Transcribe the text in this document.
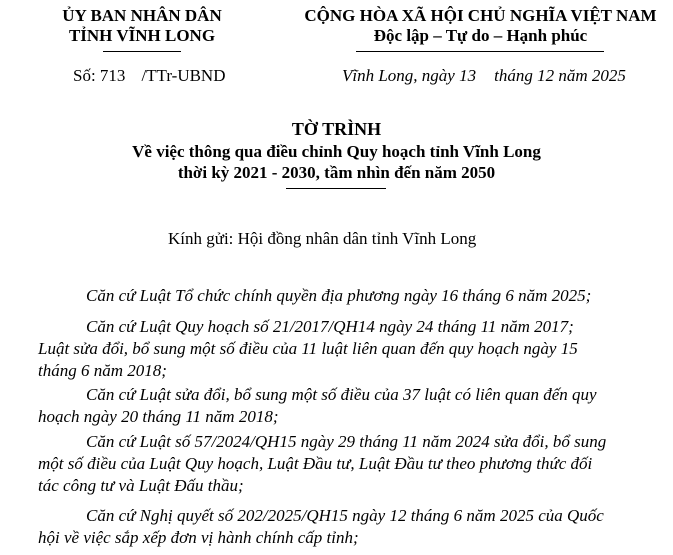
ỦY BAN NHÂN DÂN
TỈNH VĨNH LONG
CỘNG HÒA XÃ HỘI CHỦ NGHĨA VIỆT NAM
Độc lập – Tự do – Hạnh phúc
Số: 713 /TTr-UBND	Vĩnh Long, ngày 13 tháng 12 năm 2025
TỜ TRÌNH
Về việc thông qua điều chỉnh Quy hoạch tỉnh Vĩnh Long
thời kỳ 2021 - 2030, tầm nhìn đến năm 2050
Kính gửi: Hội đồng nhân dân tỉnh Vĩnh Long
Căn cứ Luật Tổ chức chính quyền địa phương ngày 16 tháng 6 năm 2025;
Căn cứ Luật Quy hoạch số 21/2017/QH14 ngày 24 tháng 11 năm 2017;
Luật sửa đổi, bổ sung một số điều của 11 luật liên quan đến quy hoạch ngày 15
tháng 6 năm 2018;
Căn cứ Luật sửa đổi, bổ sung một số điều của 37 luật có liên quan đến quy
hoạch ngày 20 tháng 11 năm 2018;
Căn cứ Luật số 57/2024/QH15 ngày 29 tháng 11 năm 2024 sửa đổi, bổ sung
một số điều của Luật Quy hoạch, Luật Đầu tư, Luật Đầu tư theo phương thức đối
tác công tư và Luật Đấu thầu;
Căn cứ Nghị quyết số 202/2025/QH15 ngày 12 tháng 6 năm 2025 của Quốc
hội về việc sắp xếp đơn vị hành chính cấp tỉnh;
